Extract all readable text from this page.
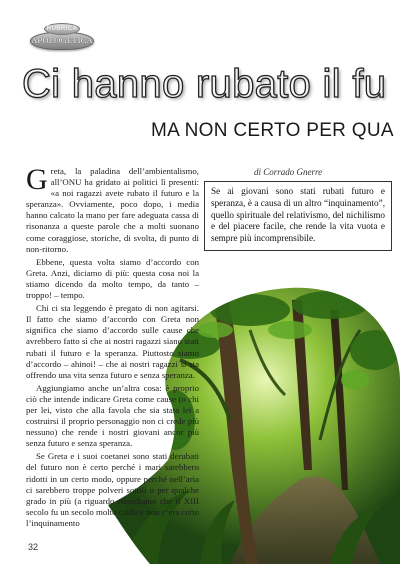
RUBRICA
APOLOGETICA
Ci hanno rubato il fu
MA NON CERTO PER QUA
di Corrado Gnerre
Se ai giovani sono stati rubati futuro e speranza, è a causa di un altro “inquinamento”, quello spirituale del relativismo, del nichilismo e del piacere facile, che rende la vita vuota e sempre più incomprensibile.

Greta, la paladina dell’ambientalismo, all’ONU ha gridato ai politici lì presenti: «a noi ragazzi avete rubato il futuro e la speranza». Ovviamente, poco dopo, i media hanno calcato la mano per fare adeguata cassa di risonanza a queste parole che a molti suonano come coraggiose, storiche, di svolta, di punto di non-ritorno.

Ebbene, questa volta siamo d’accordo con Greta. Anzi, diciamo di più: questa cosa noi la stiamo dicendo da molto tempo, da tanto – troppo! – tempo.

Chi ci sta leggendo è pregato di non agitarsi. Il fatto che siamo d’accordo con Greta non significa che siamo d’accordo sulle cause che avrebbero fatto sì che ai nostri ragazzi siano stati rubati il futuro e la speranza. Piuttosto siamo d’accordo – ahinoi! – che ai nostri ragazzi si sta offrendo una vita senza futuro e senza speranza.

Aggiungiamo anche un’altra cosa: è proprio ciò che intende indicare Greta come cause (o chi per lei, visto che alla favola che sia stata lei a costruirsi il proprio personaggio non ci crede più nessuno) che rende i nostri giovani ancor più senza futuro e senza speranza.

Se Greta e i suoi coetanei sono stati derubati del futuro non è certo perché i mari sarebbero ridotti in un certo modo, oppure perché nell’aria ci sarebbero troppe polveri sottili o per qualche grado in più (a riguardo ricordiamo che il XIII secolo fu un secolo molto caldo e non c’era certo l’inquinamento

32
